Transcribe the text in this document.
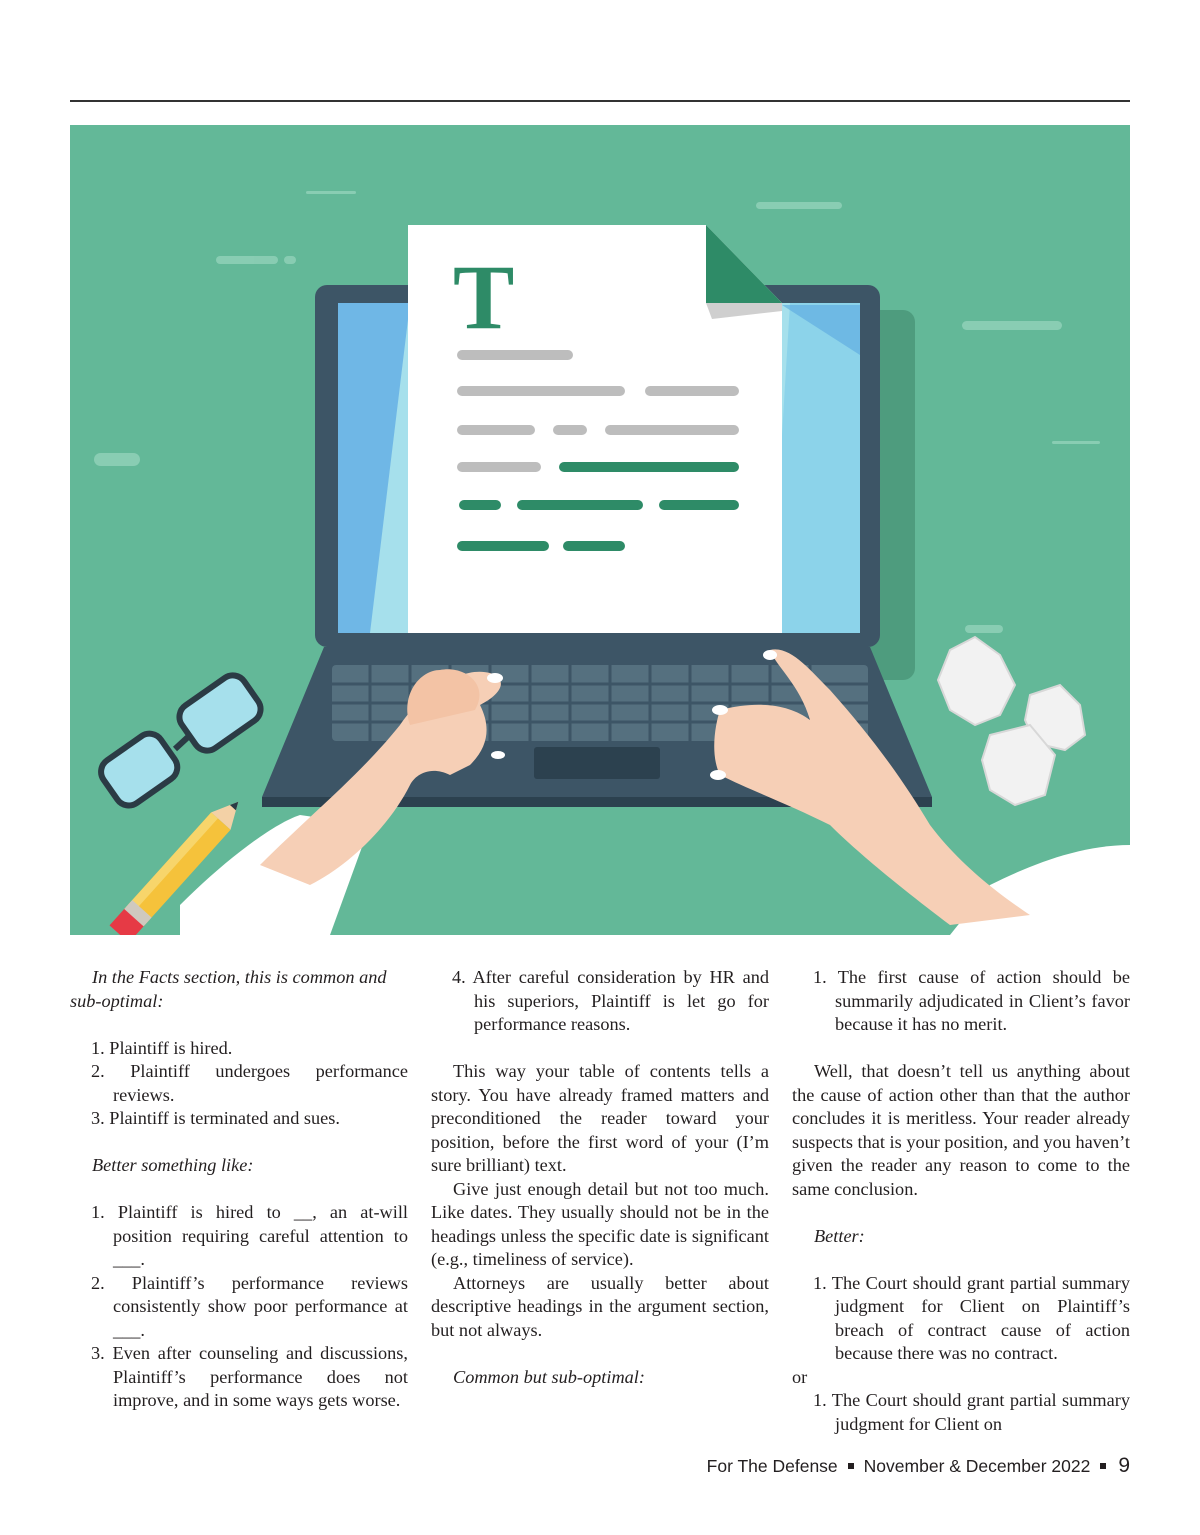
T

In the Facts section, this is common and sub-optimal:

1. Plaintiff is hired.
2. Plaintiff undergoes performance reviews.
3. Plaintiff is terminated and sues.

Better something like:

1. Plaintiff is hired to __, an at-will position requiring careful attention to ___.
2. Plaintiff’s performance reviews consistently show poor performance at ___.
3. Even after counseling and discussions, Plaintiff’s performance does not improve, and in some ways gets worse.
4. After careful consideration by HR and his superiors, Plaintiff is let go for performance reasons.

This way your table of contents tells a story. You have already framed matters and preconditioned the reader toward your position, before the first word of your (I’m sure brilliant) text.

Give just enough detail but not too much. Like dates. They usually should not be in the headings unless the specific date is significant (e.g., timeliness of service).

Attorneys are usually better about descriptive headings in the argument section, but not always.

Common but sub-optimal:

1. The first cause of action should be summarily adjudicated in Client’s favor because it has no merit.

Well, that doesn’t tell us anything about the cause of action other than that the author concludes it is meritless. Your reader already suspects that is your position, and you haven’t given the reader any reason to come to the same conclusion.

Better:

1. The Court should grant partial summary judgment for Client on Plaintiff’s breach of contract cause of action because there was no contract.

or

1. The Court should grant partial summary judgment for Client on
For The Defense November & December 2022 9
